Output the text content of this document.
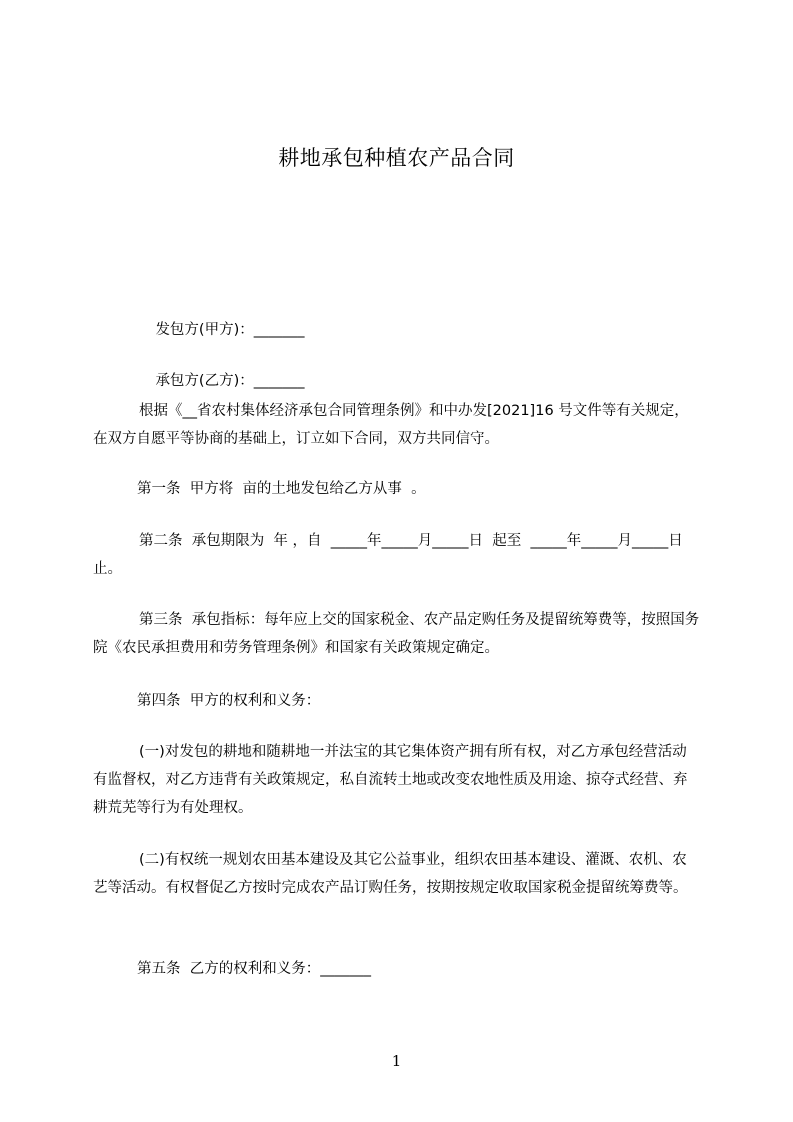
耕地承包种植农产品合同

发包方(甲方)：_______

承包方(乙方)：_______

根据《__省农村集体经济承包合同管理条例》和中办发[2021]16 号文件等有关规定，在双方自愿平等协商的基础上，订立如下合同，双方共同信守。
第一条  甲方将  亩的土地发包给乙方从事  。
第二条  承包期限为  年 ，自  _____年_____月_____日  起至  _____年_____月_____日止。
第三条  承包指标：每年应上交的国家税金、农产品定购任务及提留统筹费等，按照国务院《农民承担费用和劳务管理条例》和国家有关政策规定确定。
第四条  甲方的权利和义务：
(一)对发包的耕地和随耕地一并法宝的其它集体资产拥有所有权，对乙方承包经营活动有监督权，对乙方违背有关政策规定，私自流转土地或改变农地性质及用途、掠夺式经营、弃耕荒芜等行为有处理权。
(二)有权统一规划农田基本建设及其它公益事业，组织农田基本建设、灌溉、农机、农艺等活动。有权督促乙方按时完成农产品订购任务，按期按规定收取国家税金提留统筹费等。
第五条  乙方的权利和义务：_______
1
